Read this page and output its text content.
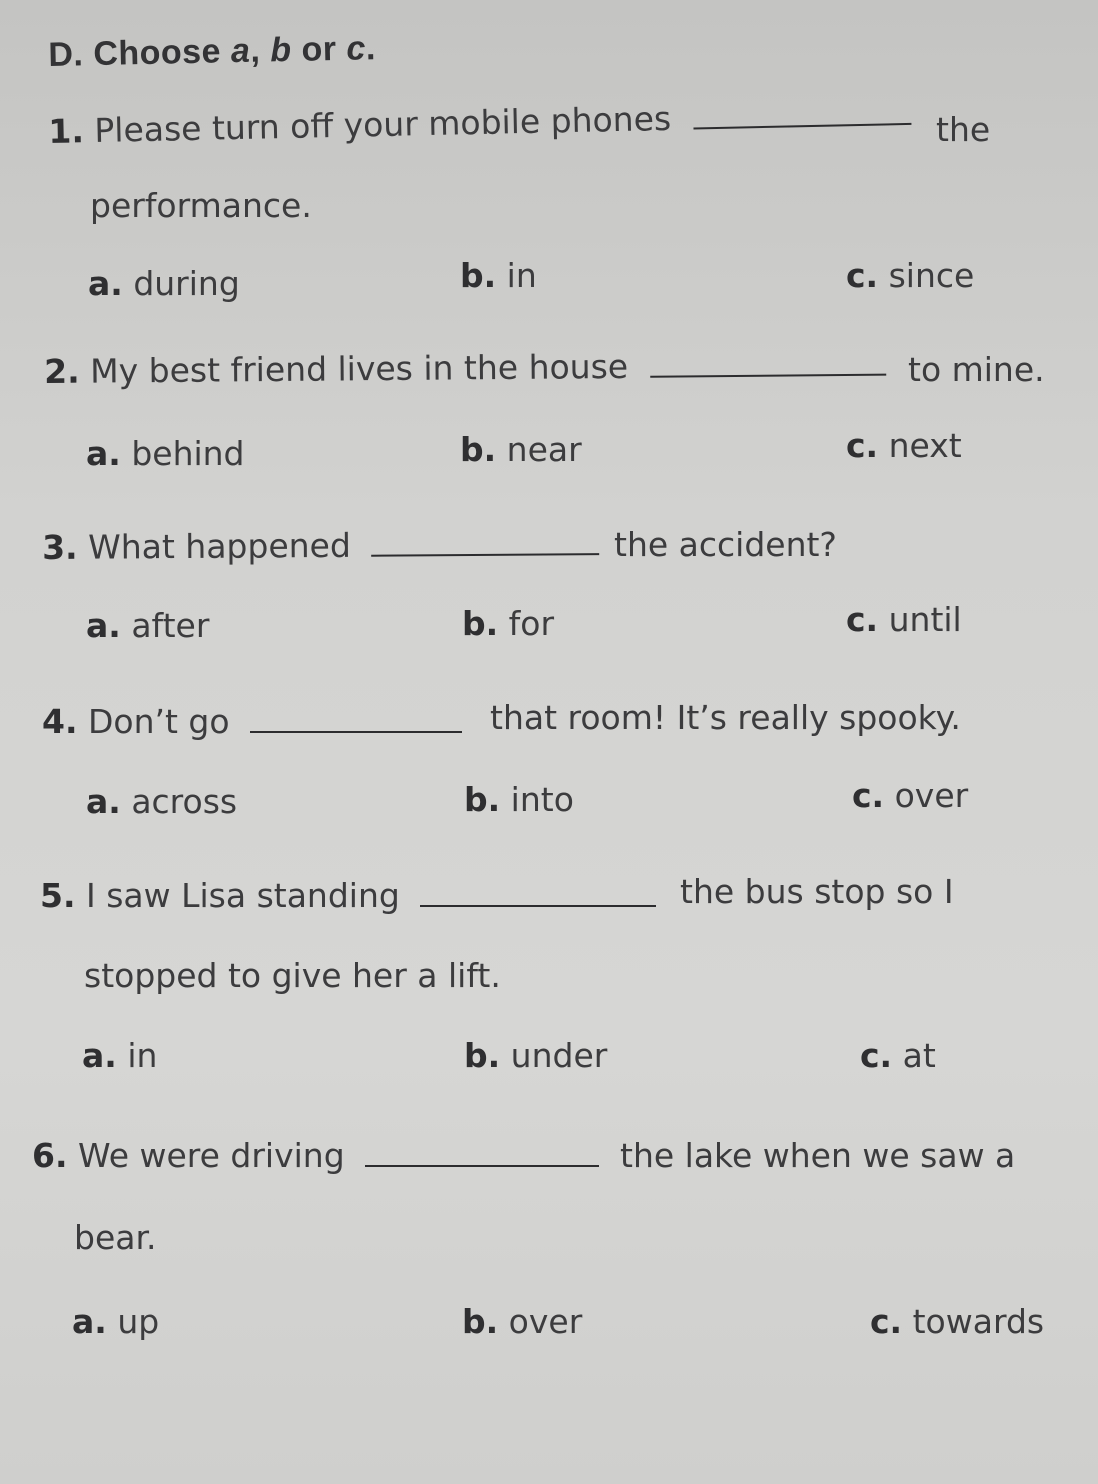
D. Choose a, b or c.
1. Please turn off your mobile phones	the
performance.
a. during	b. in	c. since
2. My best friend lives in the house	to mine.
a. behind	b. near	c. next
3. What happened	the accident?
a. after	b. for	c. until
4. Don’t go	that room! It’s really spooky.
a. across	b. into	c. over
5. I saw Lisa standing	the bus stop so I
stopped to give her a lift.
a. in	b. under	c. at
6. We were driving	the lake when we saw a
bear.
a. up	b. over	c. towards
